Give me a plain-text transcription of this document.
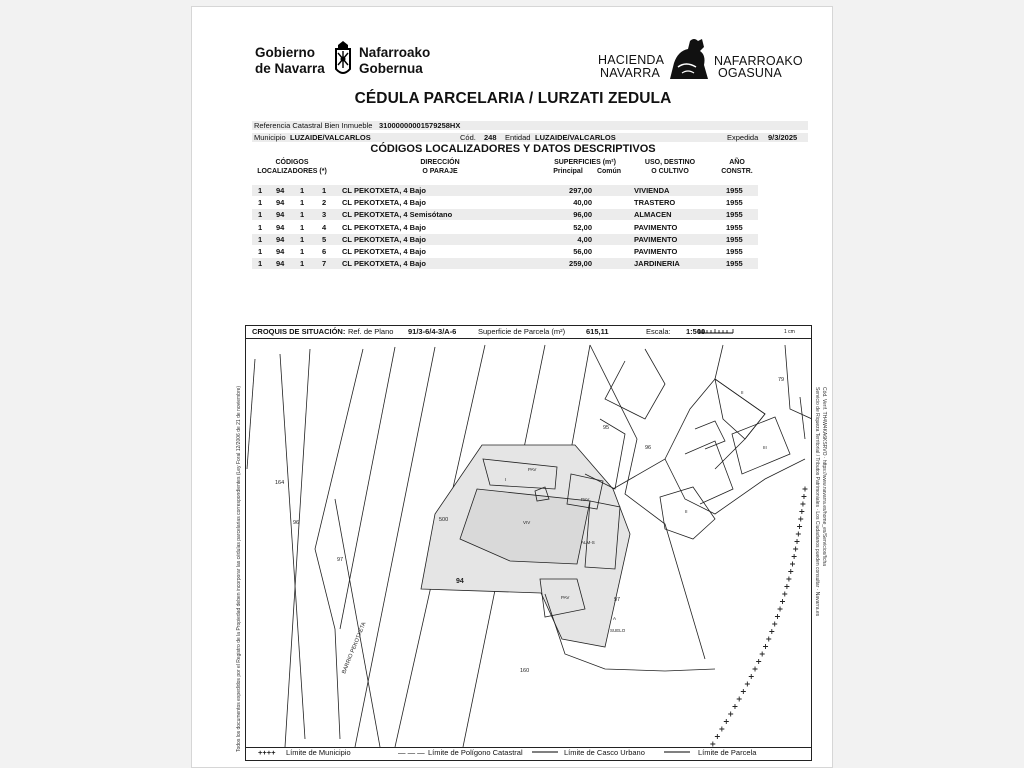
Gobierno
de Navarra
Nafarroako
Gobernua
HACIENDA
NAVARRA
NAFARROAKO
OGASUNA
CÉDULA PARCELARIA / LURZATI ZEDULA
Referencia Catastral Bien Inmueble 31000000001579258HX
Municipio LUZAIDE/VALCARLOS	Cód. 248 Entidad LUZAIDE/VALCARLOS	Expedida 9/3/2025
CÓDIGOS LOCALIZADORES Y DATOS DESCRIPTIVOS
CÓDIGOS
LOCALIZADORES (*)
DIRECCIÓN
O PARAJE
SUPERFICIES (m²)
Principal	Común
USO, DESTINO
O CULTIVO
AÑO
CONSTR.
1	94	1	1	CL PEKOTXETA, 4 Bajo	297,00	VIVIENDA	1955
1	94	1	2	CL PEKOTXETA, 4 Bajo	40,00	TRASTERO	1955
1	94	1	3	CL PEKOTXETA, 4 Semisótano	96,00	ALMACEN	1955
1	94	1	4	CL PEKOTXETA, 4 Bajo	52,00	PAVIMENTO	1955
1	94	1	5	CL PEKOTXETA, 4 Bajo	4,00	PAVIMENTO	1955
1	94	1	6	CL PEKOTXETA, 4 Bajo	56,00	PAVIMENTO	1955
1	94	1	7	CL PEKOTXETA, 4 Bajo	259,00	JARDINERIA	1955
CROQUIS DE SITUACIÓN: Ref. de Plano 91/3-6/4-3/A-6	Superficie de Parcela (m²)	615,11	Escala: 1:500	1 cm
164
96
97
500
94
95
96
97
160
79
SUELO
A
PAV
PAV
PAV
ALM-S
VIV
I
II
III
II
BARRIO PEKOTXETA
Todos los documentos expedidos por el Registro de la Propiedad deben incorporar las cédulas parcelarias correspondientes (Ley Foral 12/2006 de 21 de noviembre)	Servicio de Riqueza Territorial / Tributos Patrimoniales · Los Ciudadanos pueden consultar · Navarra.es Cód. Verif. TH4W4KA6KSRVO · https://www.navarra.es/home_es/Servicios/ficha
++++ Límite de Municipio	— — — Límite de Polígono Catastral	Límite de Casco Urbano	Límite de Parcela
